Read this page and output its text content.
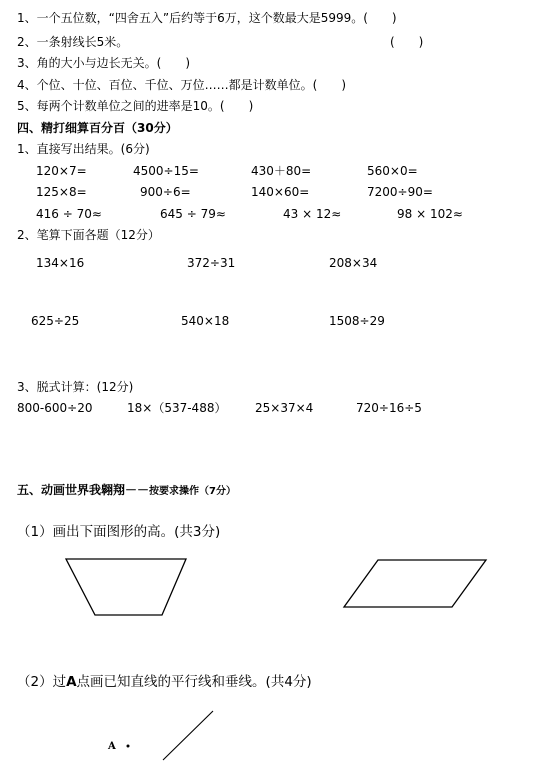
1、一个五位数，“四舍五入”后约等于6万，这个数最大是5999。(　　)
2、一条射线长5米。	(　　)
3、角的大小与边长无关。(　　)
4、个位、十位、百位、千位、万位……都是计数单位。(　　)
5、每两个计数单位之间的进率是10。(　　)
四、精打细算百分百（30分）
1、直接写出结果。(6分)
120×7=	4500÷15=	430＋80=	560×0=
125×8=	900÷6=	140×60=	7200÷90=
416 ÷ 70≈	645 ÷ 79≈	43 × 12≈	98 × 102≈
2、笔算下面各题（12分）
134×16	372÷31	208×34
625÷25	540×18	1508÷29
3、脱式计算：(12分)
800-600÷20	18×（537-488） 25×37×4	720÷16÷5
五、动画世界我翱翔－－按要求操作（7分）
（1）画出下面图形的高。(共3分)
（2）过A点画已知直线的平行线和垂线。(共4分)
A
